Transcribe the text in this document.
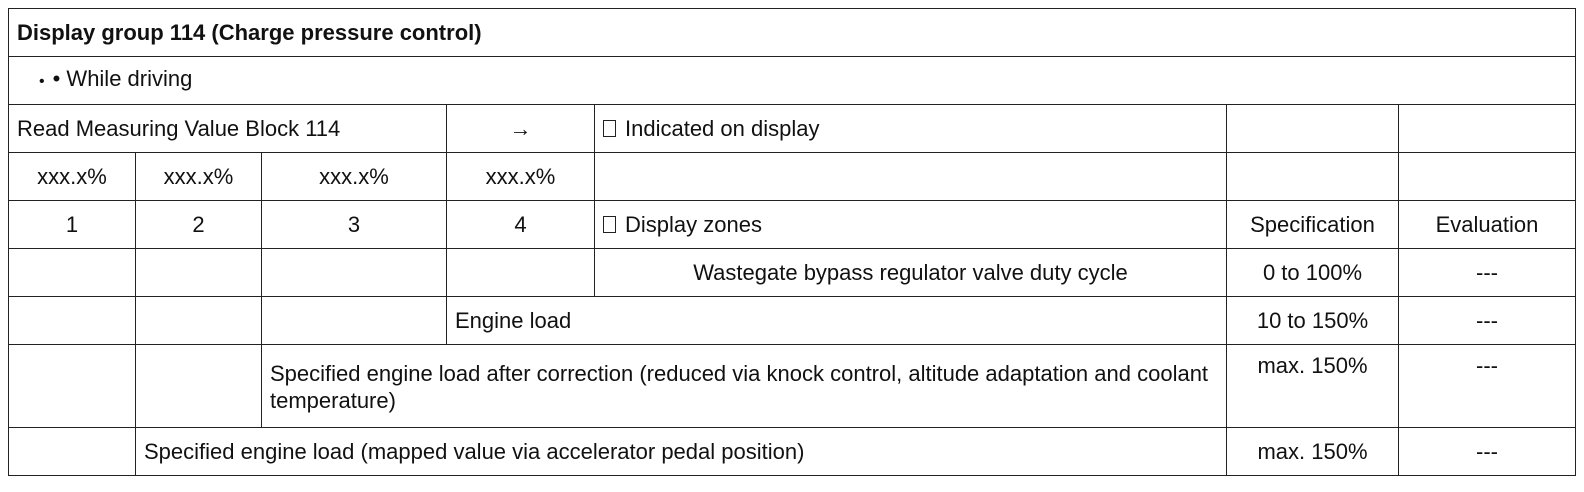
Display group 114 (Charge pressure control)						
• • While driving						
Read Measuring Value Block 114			→	Indicated on display		
xxx.x%	xxx.x%	xxx.x%	xxx.x%			
1	2	3	4	Display zones	Specification	Evaluation
				Wastegate bypass regulator valve duty cycle	0 to 100%	---
			Engine load		10 to 150%	---
		Specified engine load after correction (reduced via knock control, altitude adaptation and coolant temperature)			max. 150%	---
	Specified engine load (mapped value via accelerator pedal position)				max. 150%	---
